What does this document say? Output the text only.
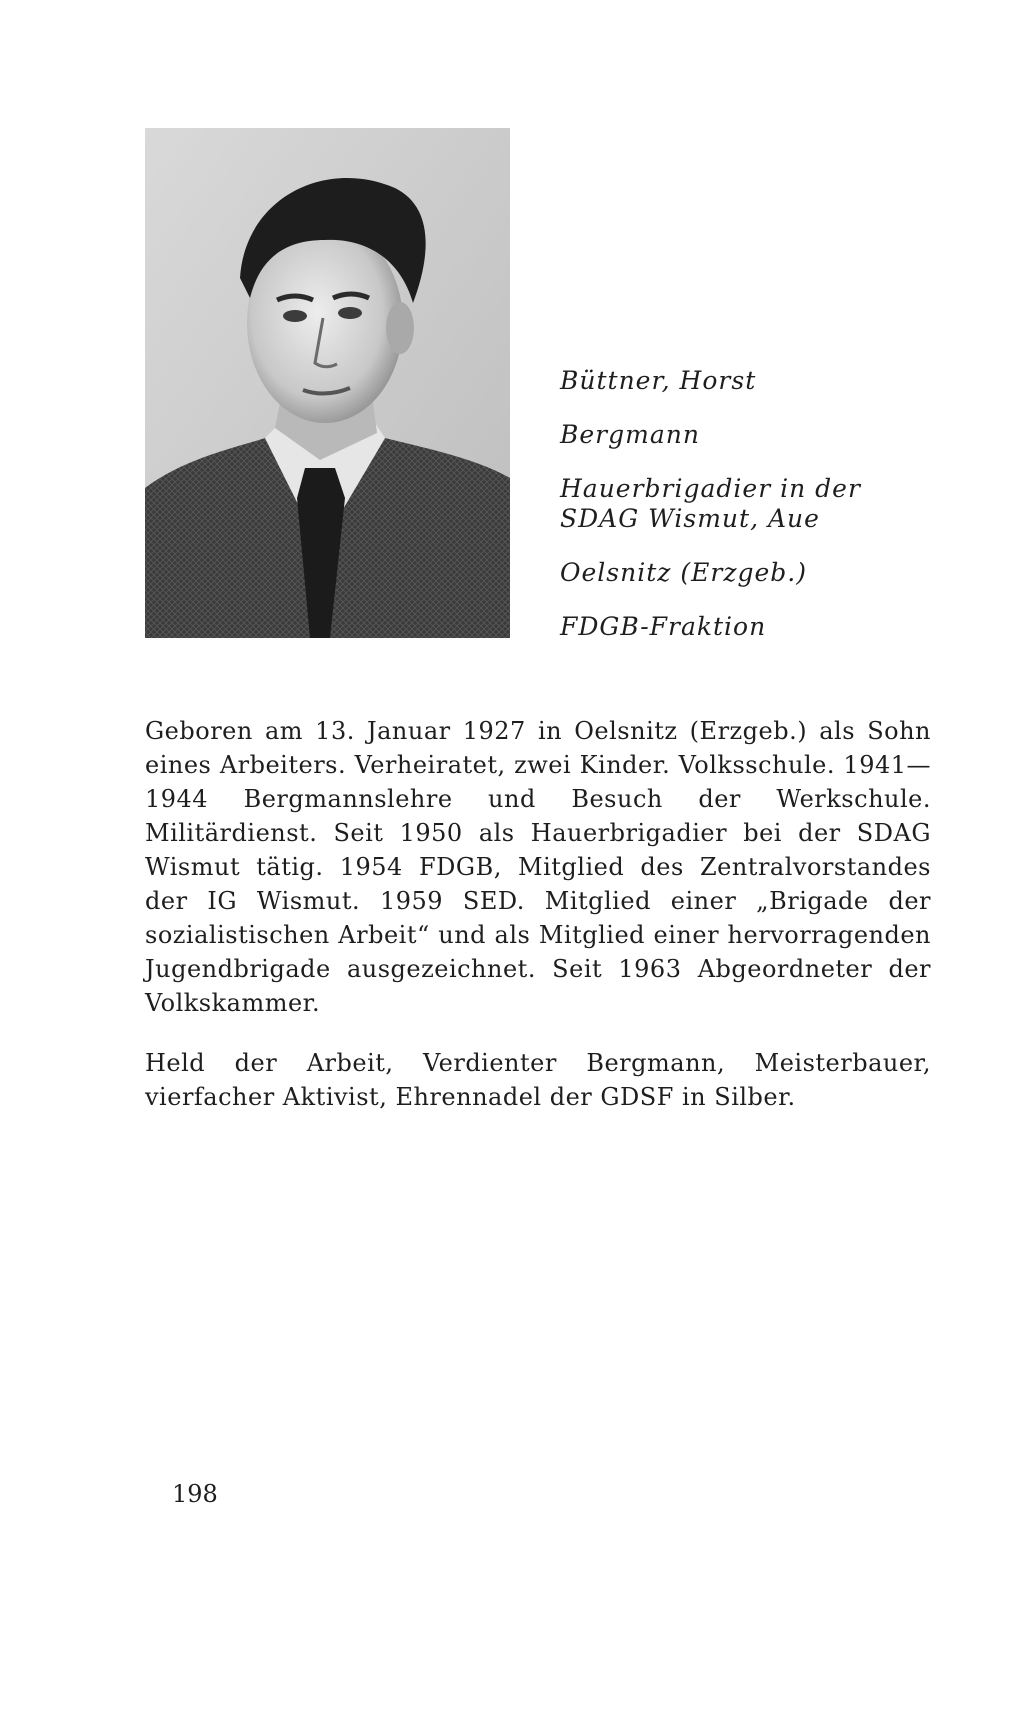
Büttner, Horst
Bergmann
Hauerbrigadier in der
SDAG Wismut, Aue
Oelsnitz (Erzgeb.)
FDGB-Fraktion

Geboren am 13. Januar 1927 in Oelsnitz (Erzgeb.) als Sohn eines Arbeiters. Verheiratet, zwei Kinder. Volksschule. 1941—1944 Bergmannslehre und Besuch der Werkschule. Militärdienst. Seit 1950 als Hauerbrigadier bei der SDAG Wismut tätig. 1954 FDGB, Mitglied des Zentralvorstandes der IG Wismut. 1959 SED. Mitglied einer „Brigade der sozialistischen Arbeit“ und als Mitglied einer hervorragenden Jugendbrigade ausgezeichnet. Seit 1963 Abgeordneter der Volkskammer.

Held der Arbeit, Verdienter Bergmann, Meisterbauer, vierfacher Aktivist, Ehrennadel der GDSF in Silber.

198
